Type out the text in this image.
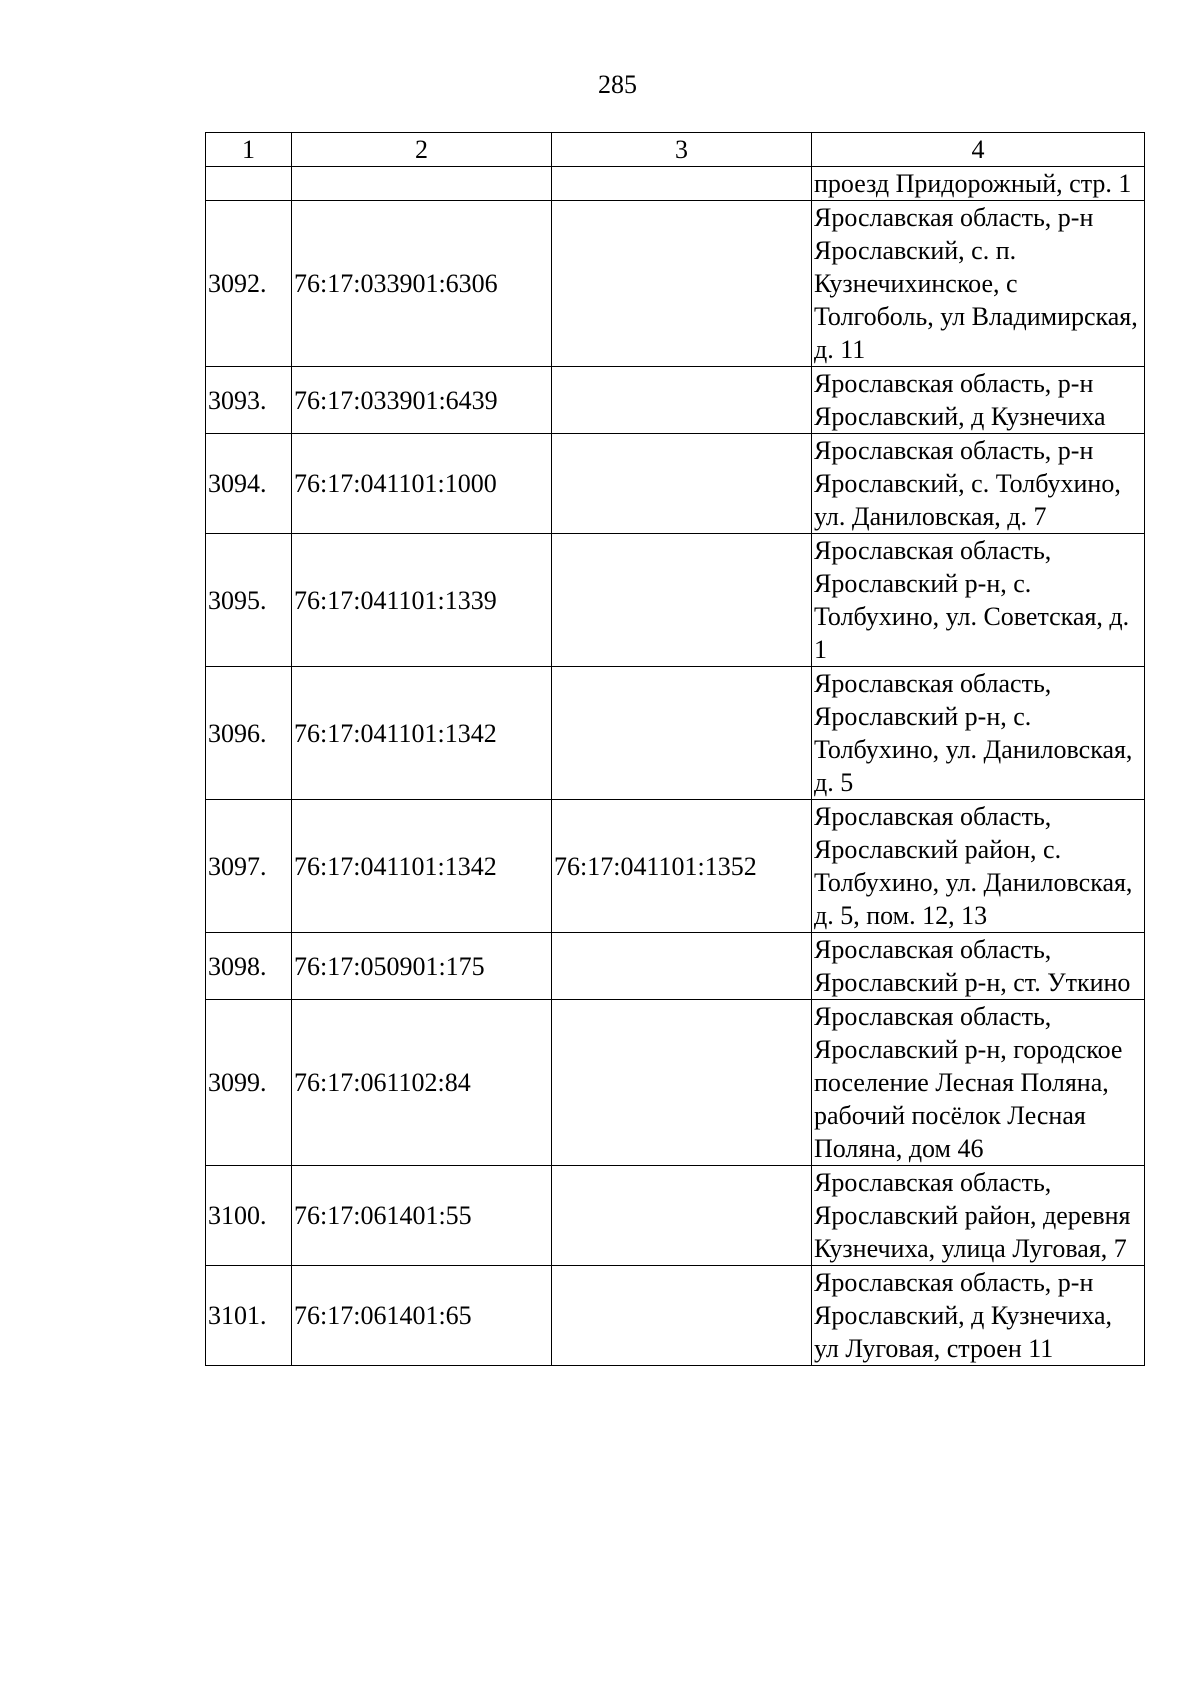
285
1	2	3	4
			проезд Придорожный, стр. 1
3092.	76:17:033901:6306		Ярославская область, р-н Ярославский, с. п. Кузнечихинское, с Толгоболь, ул Владимирская, д. 11
3093.	76:17:033901:6439		Ярославская область, р-н Ярославский, д Кузнечиха
3094.	76:17:041101:1000		Ярославская область, р-н Ярославский, с. Толбухино, ул. Даниловская, д. 7
3095.	76:17:041101:1339		Ярославская область, Ярославский р-н, с. Толбухино, ул. Советская, д. 1
3096.	76:17:041101:1342		Ярославская область, Ярославский р-н, с. Толбухино, ул. Даниловская, д. 5
3097.	76:17:041101:1342	76:17:041101:1352	Ярославская область, Ярославский район, с. Толбухино, ул. Даниловская, д. 5, пом. 12, 13
3098.	76:17:050901:175		Ярославская область, Ярославский р-н, ст. Уткино
3099.	76:17:061102:84		Ярославская область, Ярославский р-н, городское поселение Лесная Поляна, рабочий посёлок Лесная Поляна, дом 46
3100.	76:17:061401:55		Ярославская область, Ярославский район, деревня Кузнечиха, улица Луговая, 7
3101.	76:17:061401:65		Ярославская область, р-н Ярославский, д Кузнечиха, ул Луговая, строен 11
